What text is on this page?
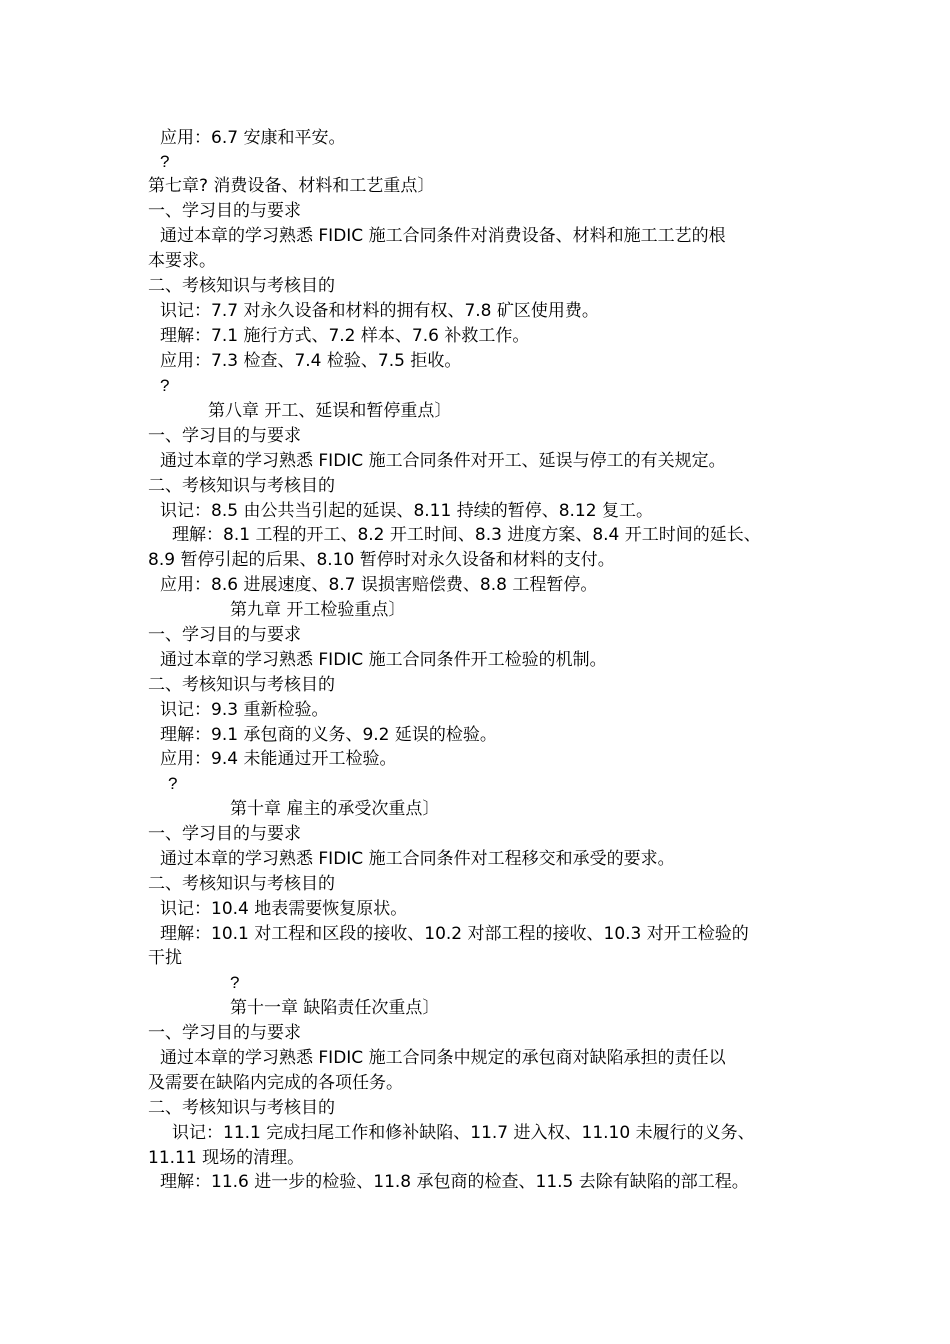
应用：6.7 安康和平安。
?
第七章? 消费设备、材料和工艺重点〕
一、学习目的与要求
通过本章的学习熟悉 FIDIC 施工合同条件对消费设备、材料和施工工艺的根
本要求。
二、考核知识与考核目的
识记：7.7 对永久设备和材料的拥有权、7.8 矿区使用费。
理解：7.1 施行方式、7.2 样本、7.6 补救工作。
应用：7.3 检查、7.4 检验、7.5 拒收。
?
第八章 开工、延误和暂停重点〕
一、学习目的与要求
通过本章的学习熟悉 FIDIC 施工合同条件对开工、延误与停工的有关规定。
二、考核知识与考核目的
识记：8.5 由公共当引起的延误、8.11 持续的暂停、8.12 复工。
理解：8.1 工程的开工、8.2 开工时间、8.3 进度方案、8.4 开工时间的延长、
8.9 暂停引起的后果、8.10 暂停时对永久设备和材料的支付。
应用：8.6 进展速度、8.7 误损害赔偿费、8.8 工程暂停。
第九章 开工检验重点〕
一、学习目的与要求
通过本章的学习熟悉 FIDIC 施工合同条件开工检验的机制。
二、考核知识与考核目的
识记：9.3 重新检验。
理解：9.1 承包商的义务、9.2 延误的检验。
应用：9.4 未能通过开工检验。
?
第十章 雇主的承受次重点〕
一、学习目的与要求
通过本章的学习熟悉 FIDIC 施工合同条件对工程移交和承受的要求。
二、考核知识与考核目的
识记：10.4 地表需要恢复原状。
理解：10.1 对工程和区段的接收、10.2 对部工程的接收、10.3 对开工检验的
干扰
?
第十一章 缺陷责任次重点〕
一、学习目的与要求
通过本章的学习熟悉 FIDIC 施工合同条中规定的承包商对缺陷承担的责任以
及需要在缺陷内完成的各项任务。
二、考核知识与考核目的
识记：11.1 完成扫尾工作和修补缺陷、11.7 进入权、11.10 未履行的义务、
11.11 现场的清理。
理解：11.6 进一步的检验、11.8 承包商的检查、11.5 去除有缺陷的部工程。
